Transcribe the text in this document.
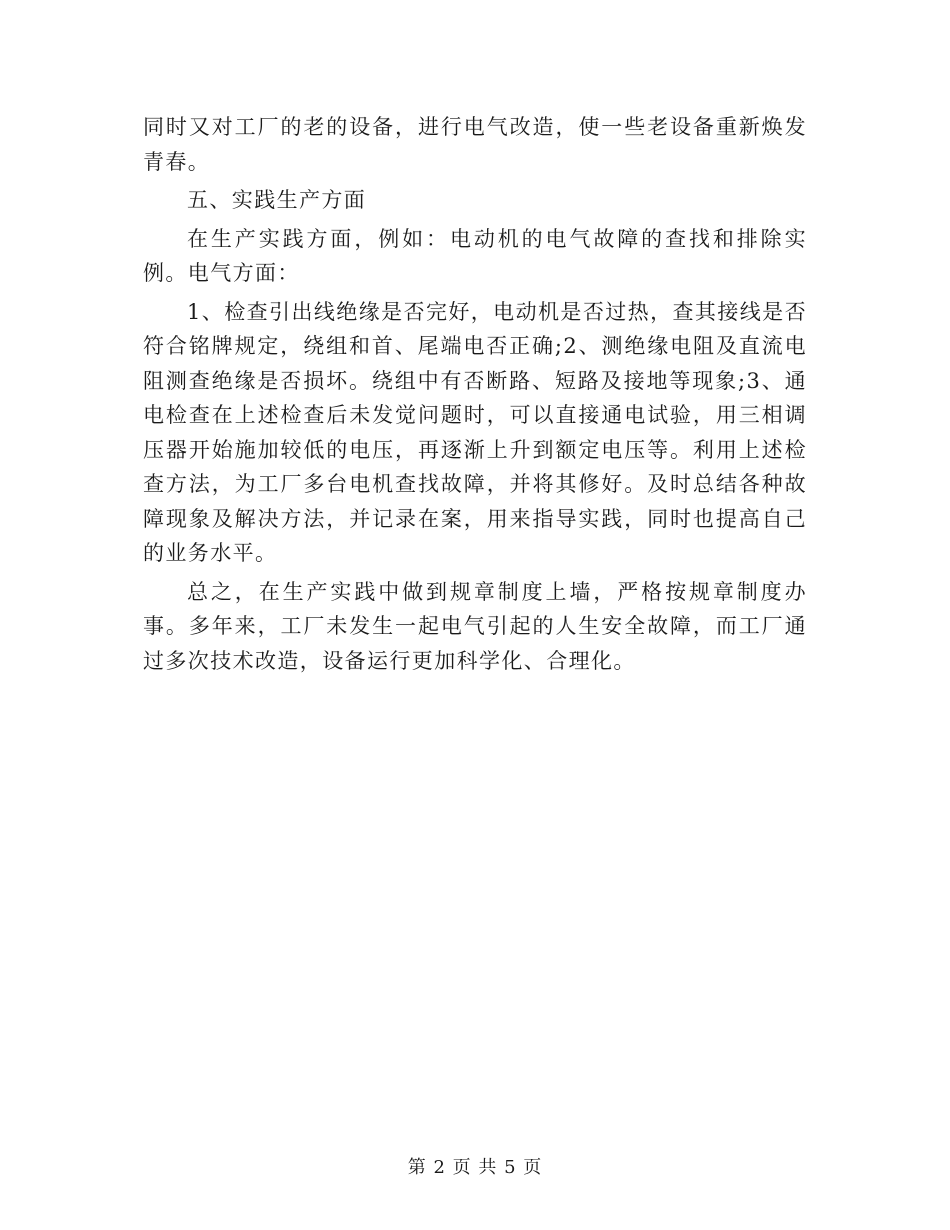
同时又对工厂的老的设备，进行电气改造，使一些老设备重新焕发青春。

五、实践生产方面

在生产实践方面，例如：电动机的电气故障的查找和排除实例。电气方面：

1、检查引出线绝缘是否完好，电动机是否过热，查其接线是否符合铭牌规定，绕组和首、尾端电否正确;2、测绝缘电阻及直流电阻测查绝缘是否损坏。绕组中有否断路、短路及接地等现象;3、通电检查在上述检查后未发觉问题时，可以直接通电试验，用三相调压器开始施加较低的电压，再逐渐上升到额定电压等。利用上述检查方法，为工厂多台电机查找故障，并将其修好。及时总结各种故障现象及解决方法，并记录在案，用来指导实践，同时也提高自己的业务水平。

总之，在生产实践中做到规章制度上墙，严格按规章制度办事。多年来，工厂未发生一起电气引起的人生安全故障，而工厂通过多次技术改造，设备运行更加科学化、合理化。

第 2 页 共 5 页
